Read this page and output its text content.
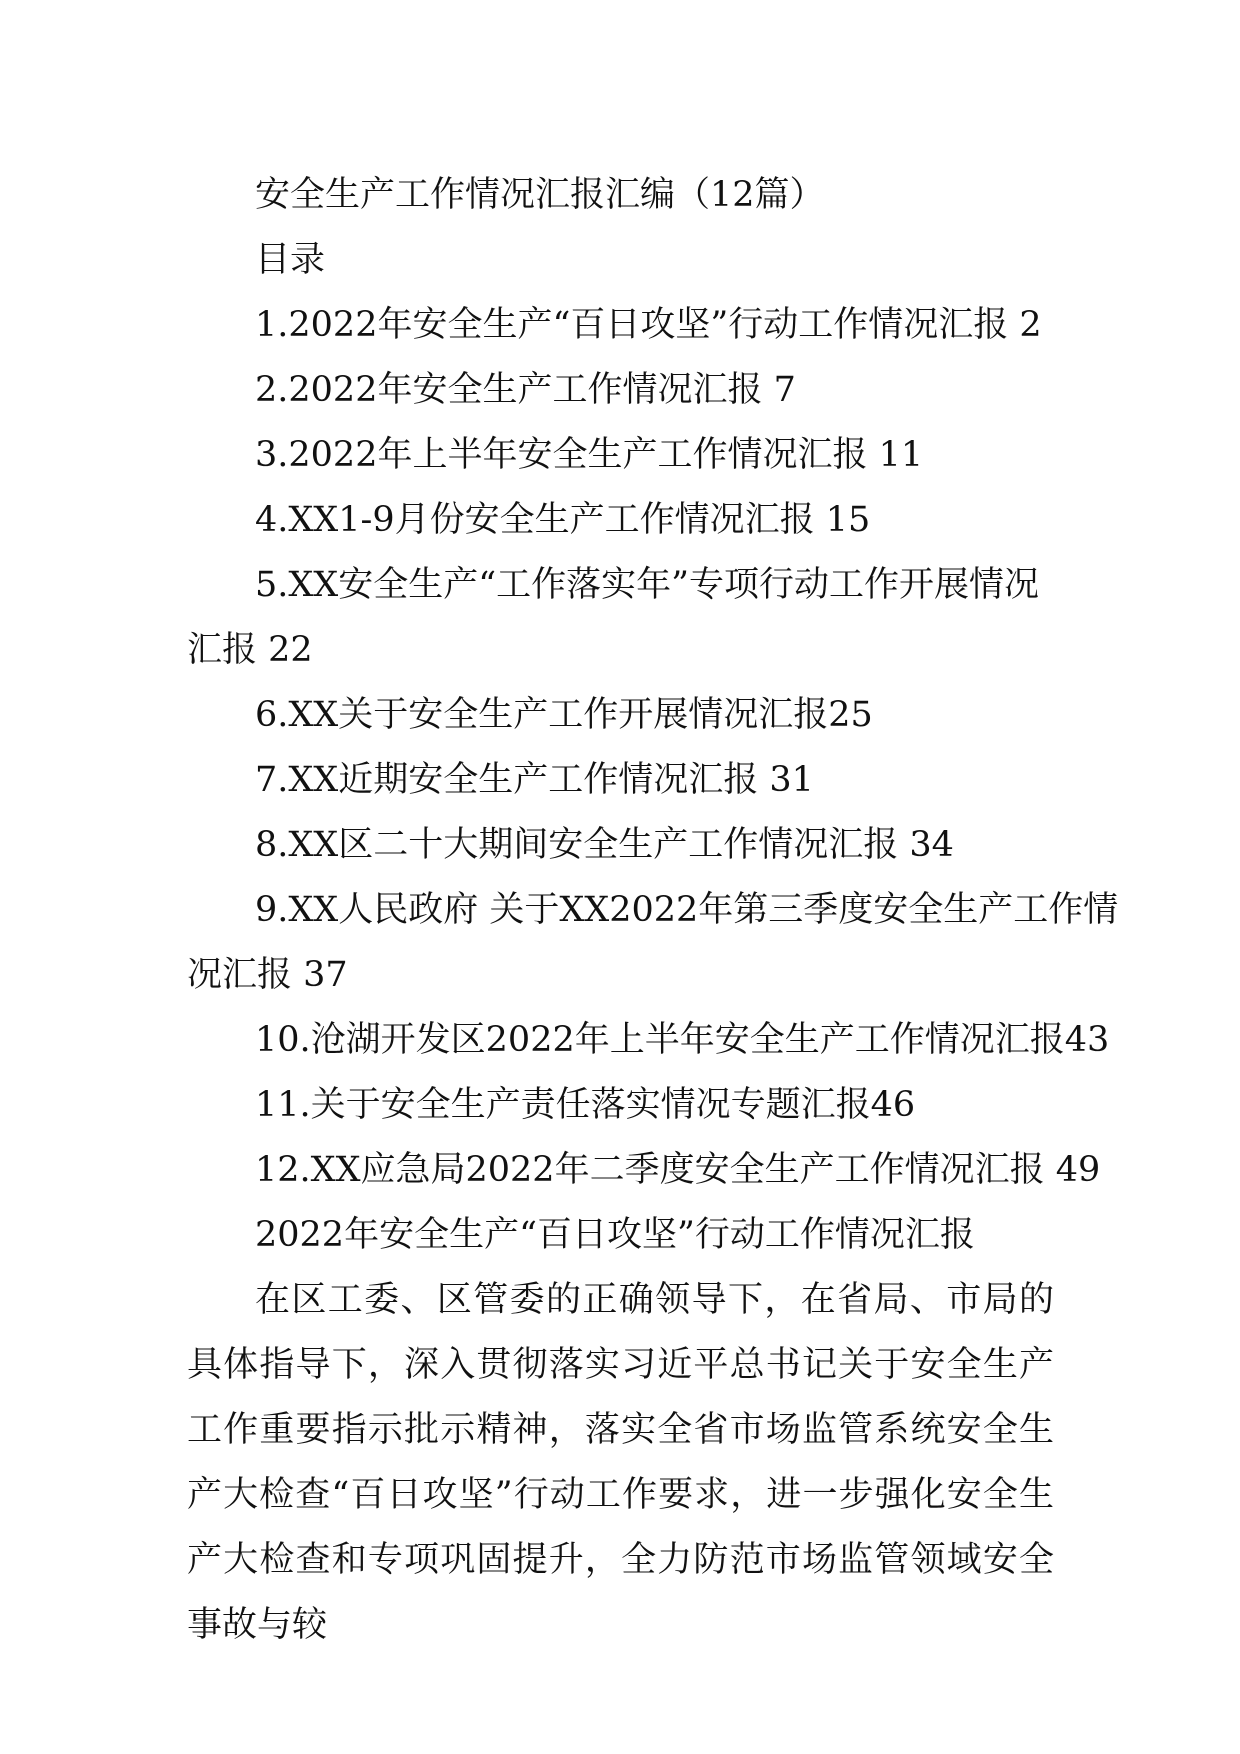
安全生产工作情况汇报汇编（12篇）
目录
1.2022年安全生产“百日攻坚”行动工作情况汇报 2
2.2022年安全生产工作情况汇报 7
3.2022年上半年安全生产工作情况汇报 11
4.XX1-9月份安全生产工作情况汇报 15
5.XX安全生产“工作落实年”专项行动工作开展情况
汇报 22
6.XX关于安全生产工作开展情况汇报25
7.XX近期安全生产工作情况汇报 31
8.XX区二十大期间安全生产工作情况汇报 34
9.XX人民政府 关于XX2022年第三季度安全生产工作情
况汇报 37
10.沧湖开发区2022年上半年安全生产工作情况汇报43
11.关于安全生产责任落实情况专题汇报46
12.XX应急局2022年二季度安全生产工作情况汇报 49
2022年安全生产“百日攻坚”行动工作情况汇报

在区工委、区管委的正确领导下，在省局、市局的具体指导下，深入贯彻落实习近平总书记关于安全生产工作重要指示批示精神，落实全省市场监管系统安全生产大检查“百日攻坚”行动工作要求，进一步强化安全生产大检查和专项巩固提升，全力防范市场监管领域安全事故与较
